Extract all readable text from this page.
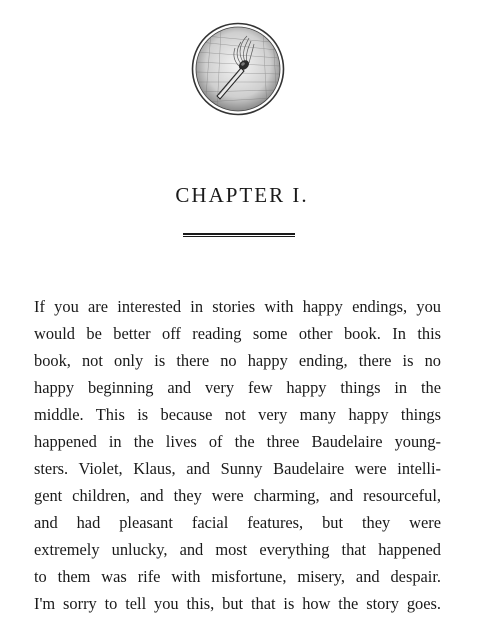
CHAPTER I.
If you are interested in stories with happy endings, you
would be better off reading some other book. In this
book, not only is there no happy ending, there is no
happy beginning and very few happy things in the
middle. This is because not very many happy things
happened in the lives of the three Baudelaire young-
sters. Violet, Klaus, and Sunny Baudelaire were intelli-
gent children, and they were charming, and resourceful,
and had pleasant facial features, but they were
extremely unlucky, and most everything that happened
to them was rife with misfortune, misery, and despair.
I'm sorry to tell you this, but that is how the story goes.
